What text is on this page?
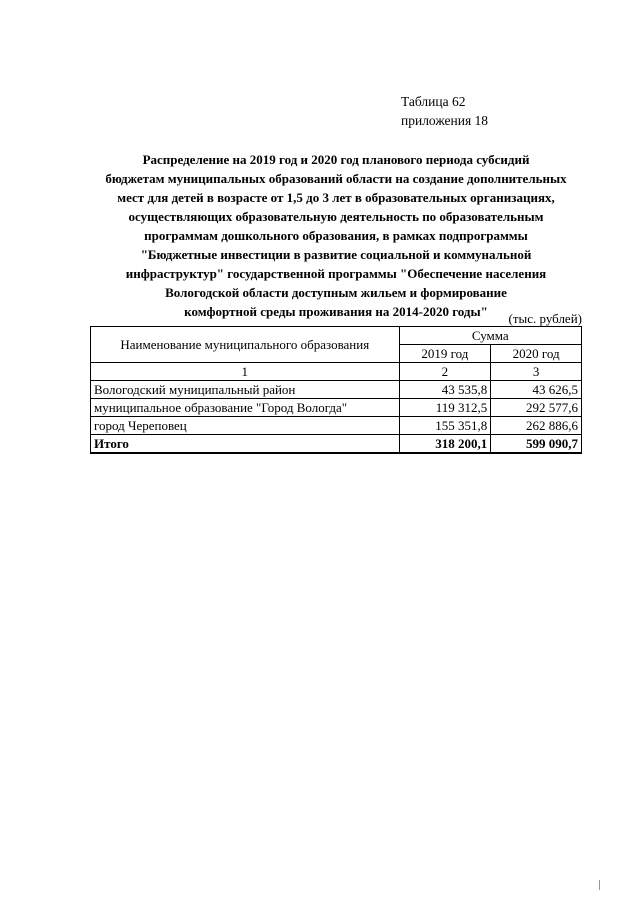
Таблица 62
приложения 18
Распределение на 2019 год и 2020 год планового периода субсидий
бюджетам муниципальных образований области на создание дополнительных
мест для детей в возрасте от 1,5 до 3 лет в образовательных организациях,
осуществляющих образовательную деятельность по образовательным
программам дошкольного образования, в рамках подпрограммы
"Бюджетные инвестиции в развитие социальной и коммунальной
инфраструктур" государственной программы "Обеспечение населения
Вологодской области доступным жильем и формирование
комфортной среды проживания на 2014-2020 годы"	(тыс. рублей)
Наименование муниципального образования	Сумма	
	2019 год	2020 год
1	2	3
Вологодский муниципальный район	43 535,8	43 626,5
муниципальное образование "Город Вологда"	119 312,5	292 577,6
город Череповец	155 351,8	262 886,6
Итого	318 200,1	599 090,7
